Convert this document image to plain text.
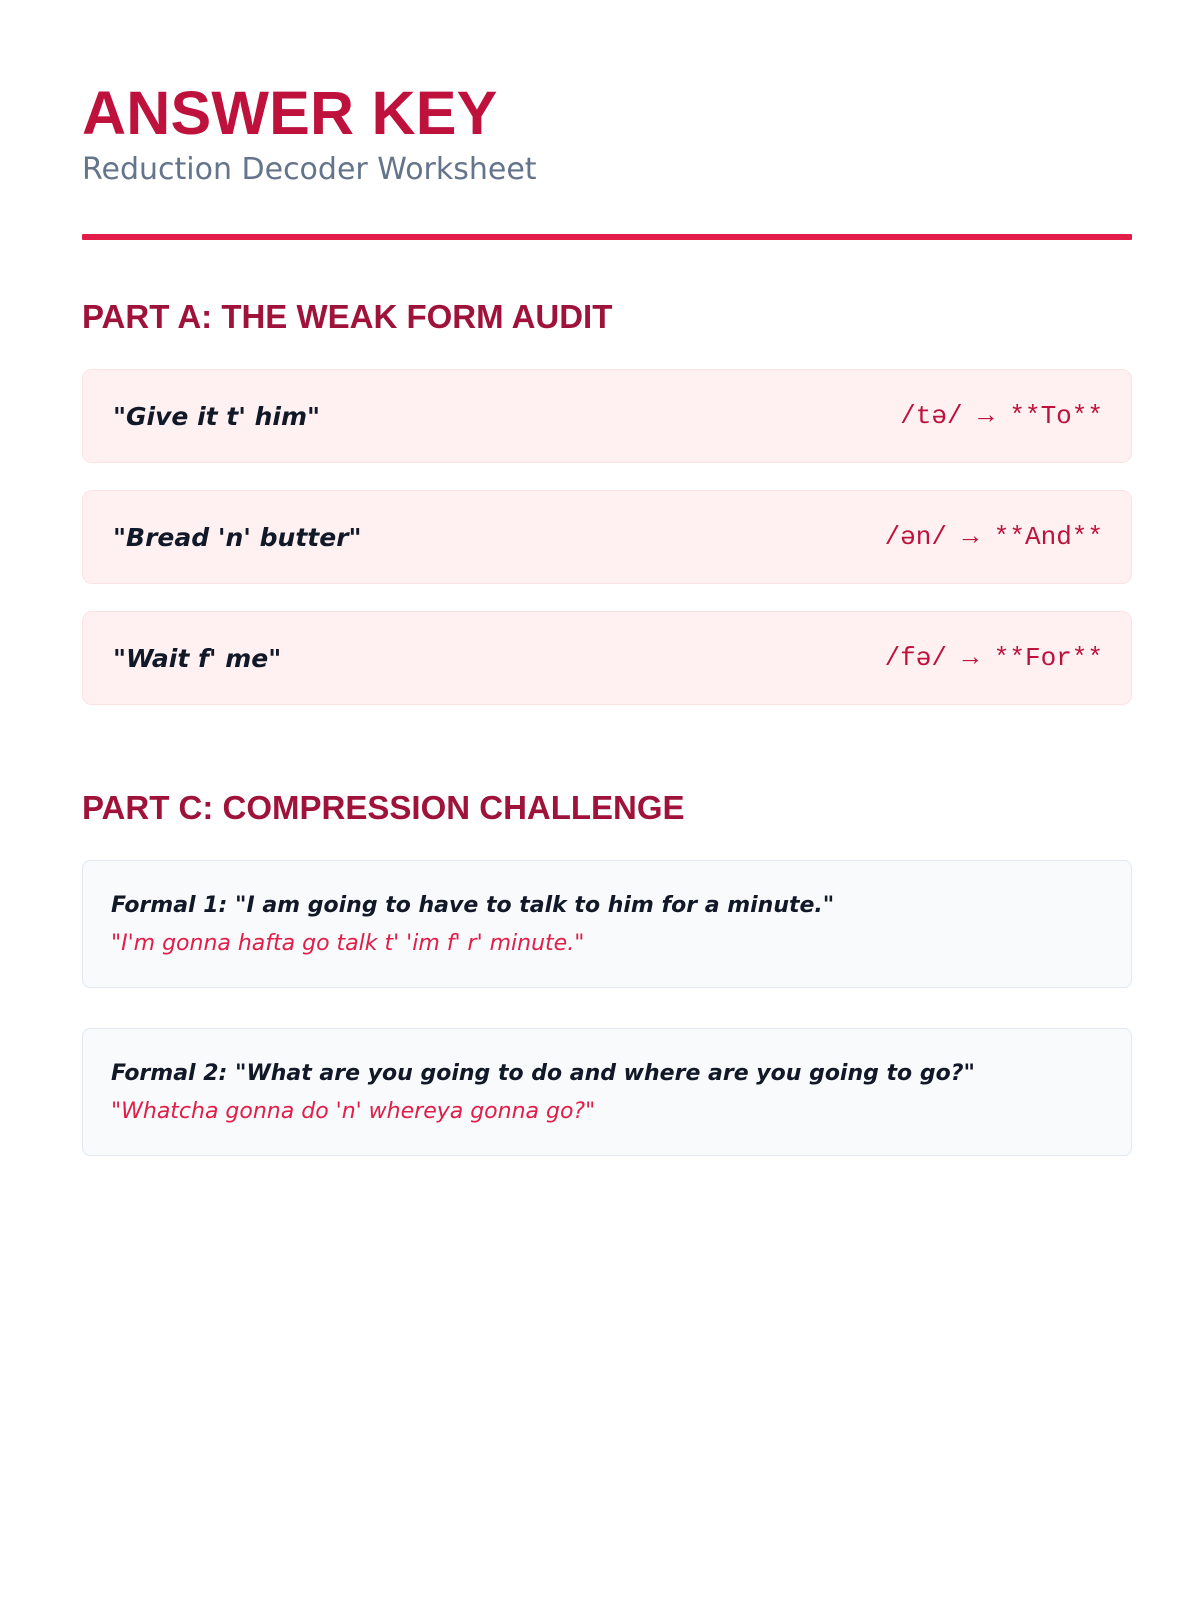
ANSWER KEY
Reduction Decoder Worksheet
PART A: THE WEAK FORM AUDIT
"Give it t' him"	/tə/ → **To**
"Bread 'n' butter"	/ən/ → **And**
"Wait f' me"	/fə/ → **For**
PART C: COMPRESSION CHALLENGE
Formal 1: "I am going to have to talk to him for a minute."
"I'm gonna hafta go talk t' 'im f' r' minute."
Formal 2: "What are you going to do and where are you going to go?"
"Whatcha gonna do 'n' whereya gonna go?"
